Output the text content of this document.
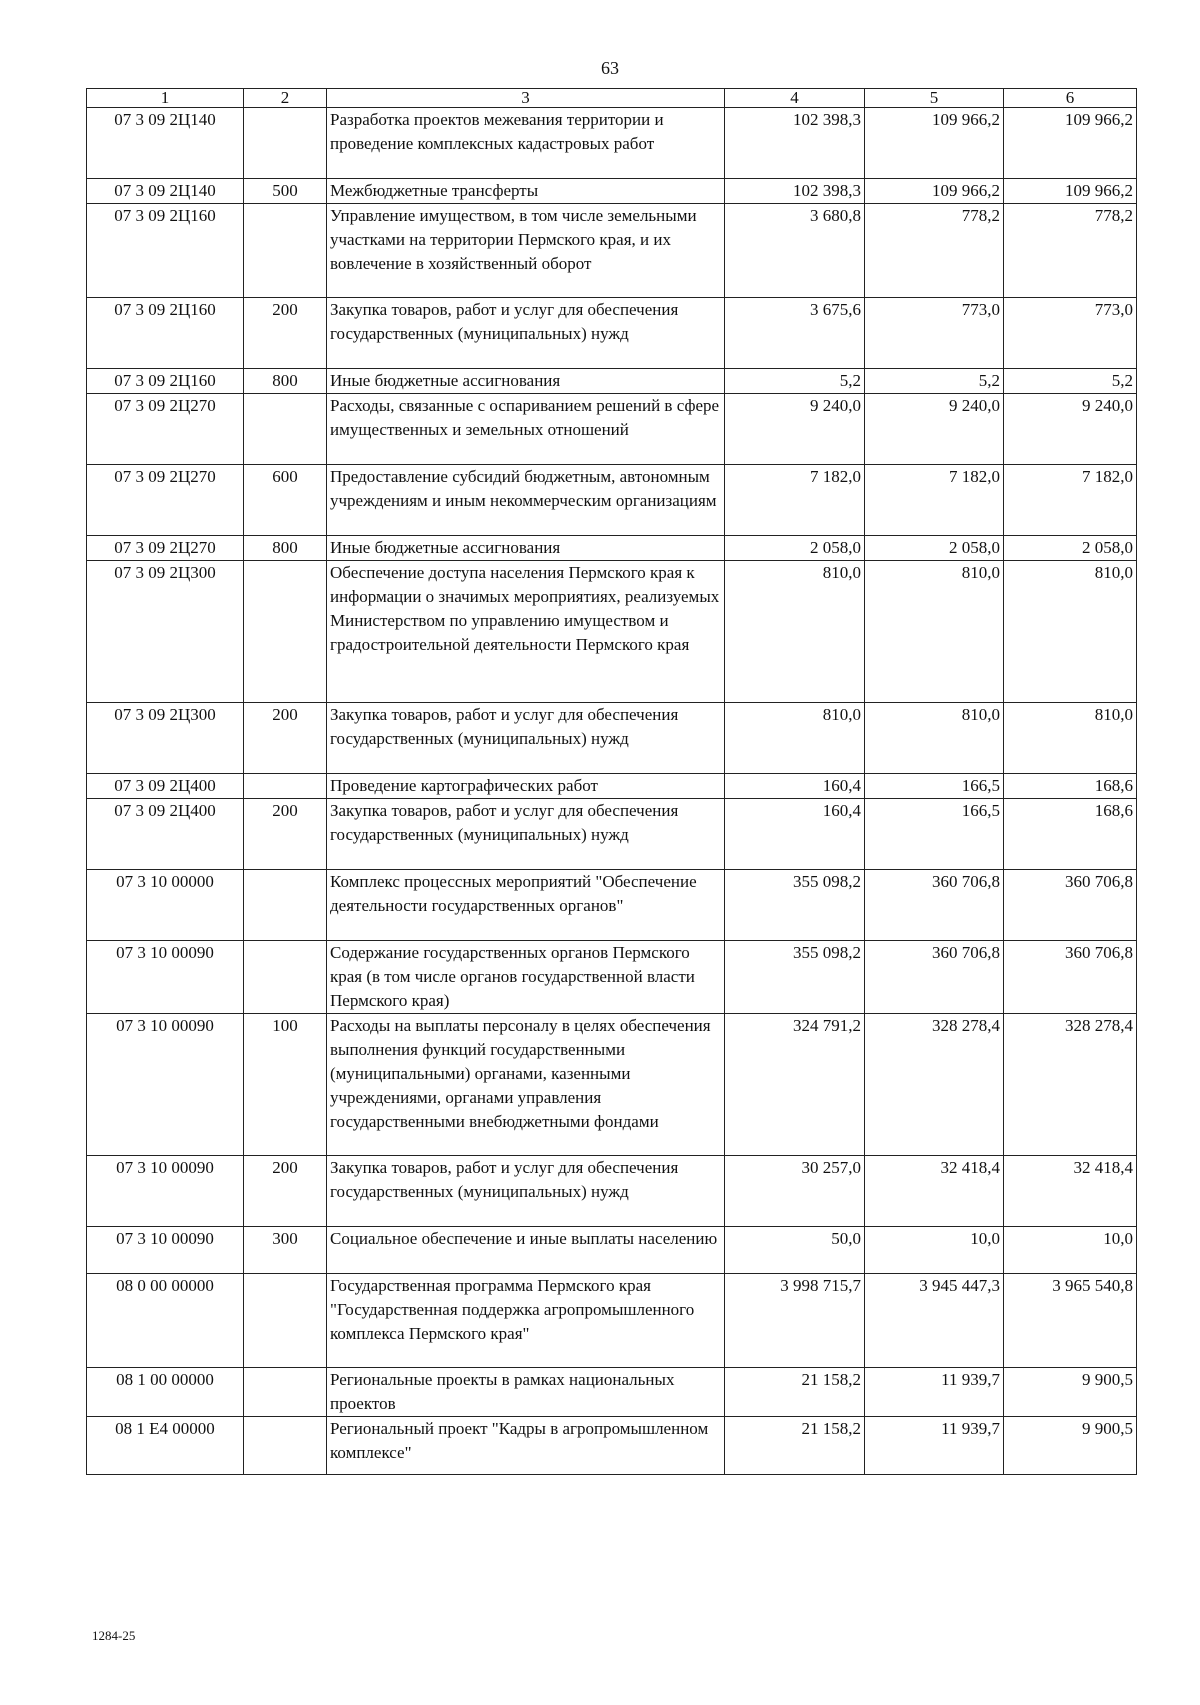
63
1	2	3	4	5	6
07 3 09 2Ц140		Разработка проектов межевания территории и проведение комплексных кадастровых работ	102 398,3	109 966,2	109 966,2
07 3 09 2Ц140	500	Межбюджетные трансферты	102 398,3	109 966,2	109 966,2
07 3 09 2Ц160		Управление имуществом, в том числе земельными участками на территории Пермского края, и их вовлечение в хозяйственный оборот	3 680,8	778,2	778,2
07 3 09 2Ц160	200	Закупка товаров, работ и услуг для обеспечения государственных (муниципальных) нужд	3 675,6	773,0	773,0
07 3 09 2Ц160	800	Иные бюджетные ассигнования	5,2	5,2	5,2
07 3 09 2Ц270		Расходы, связанные с оспариванием решений в сфере имущественных и земельных отношений	9 240,0	9 240,0	9 240,0
07 3 09 2Ц270	600	Предоставление субсидий бюджетным, автономным учреждениям и иным некоммерческим организациям	7 182,0	7 182,0	7 182,0
07 3 09 2Ц270	800	Иные бюджетные ассигнования	2 058,0	2 058,0	2 058,0
07 3 09 2Ц300		Обеспечение доступа населения Пермского края к информации о значимых мероприятиях, реализуемых Министерством по управлению имуществом и градостроительной деятельности Пермского края	810,0	810,0	810,0
07 3 09 2Ц300	200	Закупка товаров, работ и услуг для обеспечения государственных (муниципальных) нужд	810,0	810,0	810,0
07 3 09 2Ц400		Проведение картографических работ	160,4	166,5	168,6
07 3 09 2Ц400	200	Закупка товаров, работ и услуг для обеспечения государственных (муниципальных) нужд	160,4	166,5	168,6
07 3 10 00000		Комплекс процессных мероприятий "Обеспечение деятельности государственных органов"	355 098,2	360 706,8	360 706,8
07 3 10 00090		Содержание государственных органов Пермского края (в том числе органов государственной власти Пермского края)	355 098,2	360 706,8	360 706,8
07 3 10 00090	100	Расходы на выплаты персоналу в целях обеспечения выполнения функций государственными (муниципальными) органами, казенными учреждениями, органами управления государственными внебюджетными фондами	324 791,2	328 278,4	328 278,4
07 3 10 00090	200	Закупка товаров, работ и услуг для обеспечения государственных (муниципальных) нужд	30 257,0	32 418,4	32 418,4
07 3 10 00090	300	Социальное обеспечение и иные выплаты населению	50,0	10,0	10,0
08 0 00 00000		Государственная программа Пермского края "Государственная поддержка агропромышленного комплекса Пермского края"	3 998 715,7	3 945 447,3	3 965 540,8
08 1 00 00000		Региональные проекты в рамках национальных проектов	21 158,2	11 939,7	9 900,5
08 1 E4 00000		Региональный проект "Кадры в агропромышленном комплексе"	21 158,2	11 939,7	9 900,5
1284-25
